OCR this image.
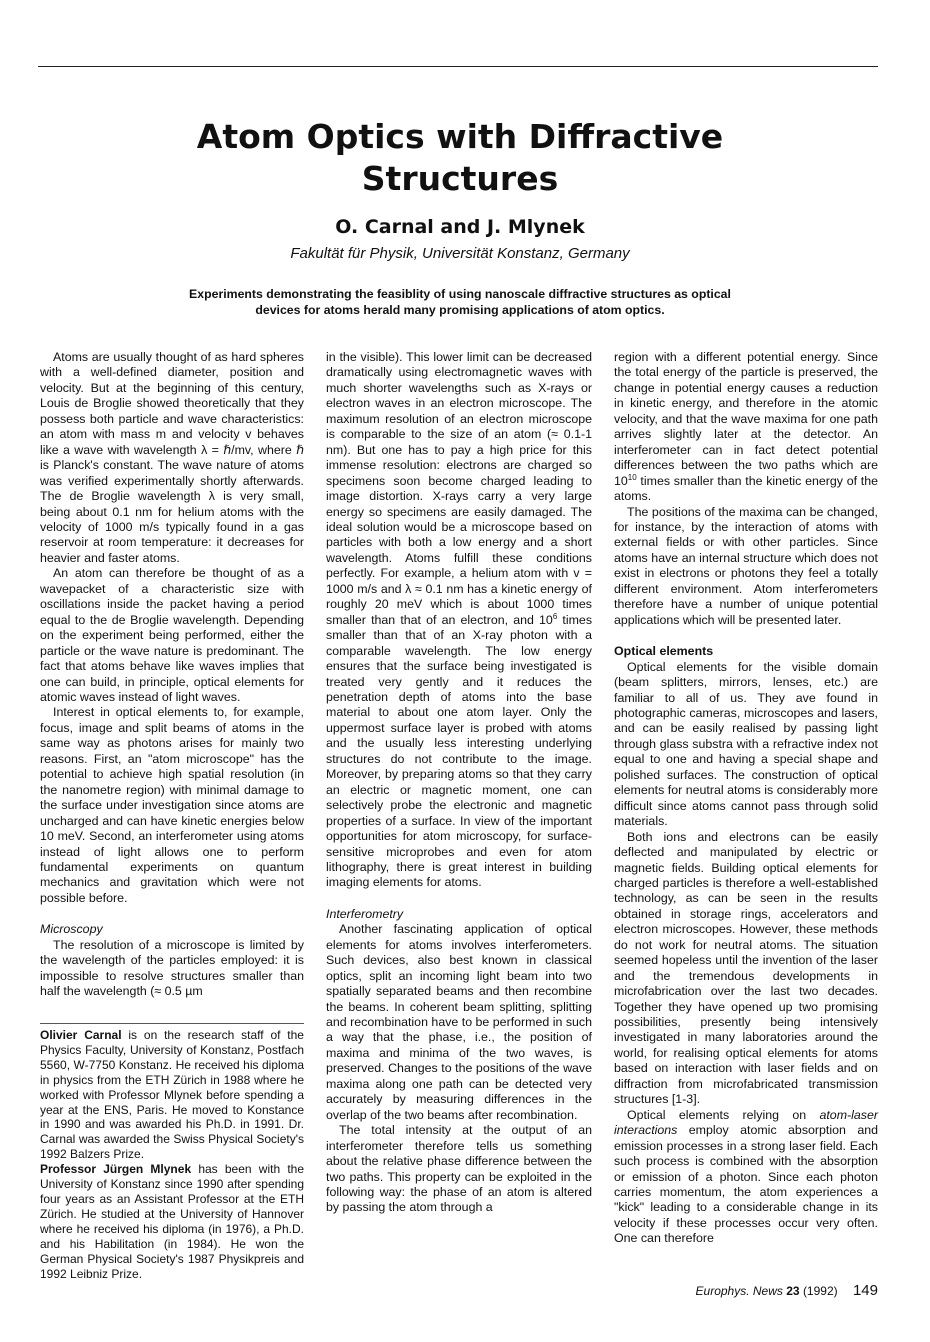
Atom Optics with Diffractive
Structures
O. Carnal and J. Mlynek
Fakultät für Physik, Universität Konstanz, Germany
Experiments demonstrating the feasiblity of using nanoscale diffractive structures as optical
devices for atoms herald many promising applications of atom optics.

Atoms are usually thought of as hard spheres with a well-defined diameter, position and velocity. But at the beginning of this century, Louis de Broglie showed theoretically that they possess both particle and wave characteristics: an atom with mass m and velocity v behaves like a wave with wavelength λ = ℏ/mv, where ℏ is Planck's constant. The wave nature of atoms was verified experimentally shortly afterwards. The de Broglie wavelength λ is very small, being about 0.1 nm for helium atoms with the velocity of 1000 m/s typically found in a gas reservoir at room temperature: it decreases for heavier and faster atoms.

An atom can therefore be thought of as a wavepacket of a characteristic size with oscillations inside the packet having a period equal to the de Broglie wavelength. Depending on the experiment being performed, either the particle or the wave nature is predominant. The fact that atoms behave like waves implies that one can build, in principle, optical elements for atomic waves instead of light waves.

Interest in optical elements to, for example, focus, image and split beams of atoms in the same way as photons arises for mainly two reasons. First, an "atom microscope" has the potential to achieve high spatial resolution (in the nanometre region) with minimal damage to the surface under investigation since atoms are uncharged and can have kinetic energies below 10 meV. Second, an interferometer using atoms instead of light allows one to perform fundamental experiments on quantum mechanics and gravitation which were not possible before.

Microscopy

The resolution of a microscope is limited by the wavelength of the particles employed: it is impossible to resolve structures smaller than half the wavelength (≈ 0.5 µm

Olivier Carnal is on the research staff of the Physics Faculty, University of Konstanz, Postfach 5560, W-7750 Konstanz. He received his diploma in physics from the ETH Zürich in 1988 where he worked with Professor Mlynek before spending a year at the ENS, Paris. He moved to Konstance in 1990 and was awarded his Ph.D. in 1991. Dr. Carnal was awarded the Swiss Physical Society's 1992 Balzers Prize.

Professor Jürgen Mlynek has been with the University of Konstanz since 1990 after spending four years as an Assistant Professor at the ETH Zürich. He studied at the University of Hannover where he received his diploma (in 1976), a Ph.D. and his Habilitation (in 1984). He won the German Physical Society's 1987 Physikpreis and 1992 Leibniz Prize.

in the visible). This lower limit can be decreased dramatically using electromagnetic waves with much shorter wavelengths such as X-rays or electron waves in an electron microscope. The maximum resolution of an electron microscope is comparable to the size of an atom (≈ 0.1-1 nm). But one has to pay a high price for this immense resolution: electrons are charged so specimens soon become charged leading to image distortion. X-rays carry a very large energy so specimens are easily damaged. The ideal solution would be a microscope based on particles with both a low energy and a short wavelength. Atoms fulfill these conditions perfectly. For example, a helium atom with v = 1000 m/s and λ ≈ 0.1 nm has a kinetic energy of roughly 20 meV which is about 1000 times smaller than that of an electron, and $10^6$ times smaller than that of an X-ray photon with a comparable wavelength. The low energy ensures that the surface being investigated is treated very gently and it reduces the penetration depth of atoms into the base material to about one atom layer. Only the uppermost surface layer is probed with atoms and the usually less interesting underlying structures do not contribute to the image. Moreover, by preparing atoms so that they carry an electric or magnetic moment, one can selectively probe the electronic and magnetic properties of a surface. In view of the important opportunities for atom microscopy, for surface-sensitive microprobes and even for atom lithography, there is great interest in building imaging elements for atoms.

Interferometry

Another fascinating application of optical elements for atoms involves interferometers. Such devices, also best known in classical optics, split an incoming light beam into two spatially separated beams and then recombine the beams. In coherent beam splitting, splitting and recombination have to be performed in such a way that the phase, i.e., the position of maxima and minima of the two waves, is preserved. Changes to the positions of the wave maxima along one path can be detected very accurately by measuring differences in the overlap of the two beams after recombination.

The total intensity at the output of an interferometer therefore tells us something about the relative phase difference between the two paths. This property can be exploited in the following way: the phase of an atom is altered by passing the atom through a

region with a different potential energy. Since the total energy of the particle is preserved, the change in potential energy causes a reduction in kinetic energy, and therefore in the atomic velocity, and that the wave maxima for one path arrives slightly later at the detector. An interferometer can in fact detect potential differences between the two paths which are $10^{10}$ times smaller than the kinetic energy of the atoms.

The positions of the maxima can be changed, for instance, by the interaction of atoms with external fields or with other particles. Since atoms have an internal structure which does not exist in electrons or photons they feel a totally different environment. Atom interferometers therefore have a number of unique potential applications which will be presented later.

Optical elements

Optical elements for the visible domain (beam splitters, mirrors, lenses, etc.) are familiar to all of us. They ave found in photographic cameras, microscopes and lasers, and can be easily realised by passing light through glass substra with a refractive index not equal to one and having a special shape and polished surfaces. The construction of optical elements for neutral atoms is considerably more difficult since atoms cannot pass through solid materials.

Both ions and electrons can be easily deflected and manipulated by electric or magnetic fields. Building optical elements for charged particles is therefore a well-established technology, as can be seen in the results obtained in storage rings, accelerators and electron microscopes. However, these methods do not work for neutral atoms. The situation seemed hopeless until the invention of the laser and the tremendous developments in microfabrication over the last two decades. Together they have opened up two promising possibilities, presently being intensively investigated in many laboratories around the world, for realising optical elements for atoms based on interaction with laser fields and on diffraction from microfabricated transmission structures [1-3].

Optical elements relying on atom-laser interactions employ atomic absorption and emission processes in a strong laser field. Each such process is combined with the absorption or emission of a photon. Since each photon carries momentum, the atom experiences a "kick" leading to a considerable change in its velocity if these processes occur very often. One can therefore

Europhys. News 23 (1992) 149
